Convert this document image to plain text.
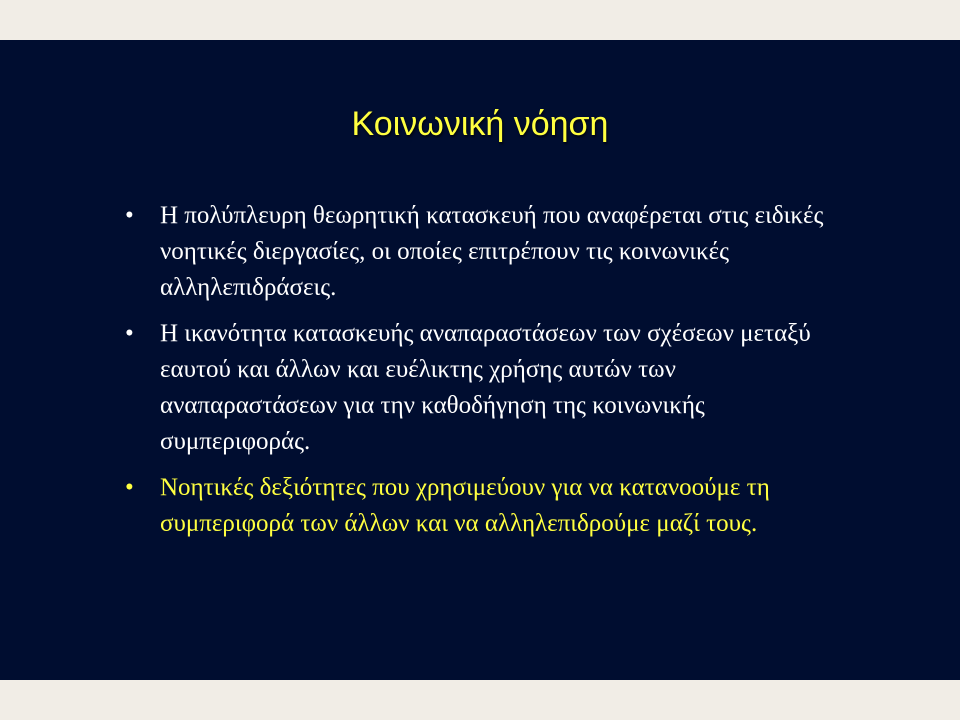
Κοινωνική νόηση
• Η πολύπλευρη θεωρητική κατασκευή που αναφέρεται στις ειδικές νοητικές διεργασίες, οι οποίες επιτρέπουν τις κοινωνικές αλληλεπιδράσεις.
• Η ικανότητα κατασκευής αναπαραστάσεων των σχέσεων μεταξύ εαυτού και άλλων και ευέλικτης χρήσης αυτών των αναπαραστάσεων για την καθοδήγηση της κοινωνικής συμπεριφοράς.
• Νοητικές δεξιότητες που χρησιμεύουν για να κατανοούμε τη συμπεριφορά των άλλων και να αλληλεπιδρούμε μαζί τους.
